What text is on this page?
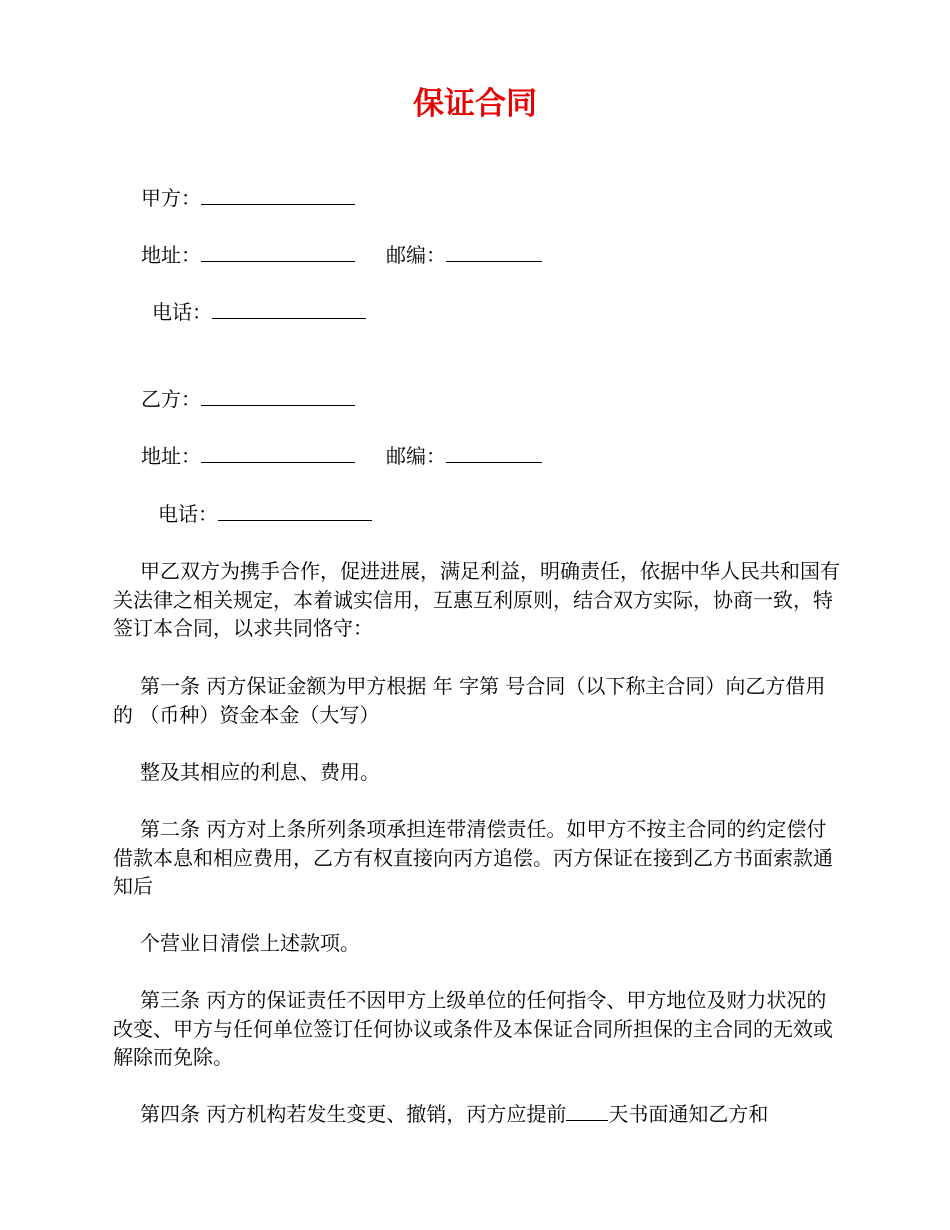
保证合同
甲方：
地址：	邮编：
电话：
乙方：
地址：	邮编：
电话：

甲乙双方为携手合作，促进进展，满足利益，明确责任，依据中华人民共和国有关法律之相关规定，本着诚实信用，互惠互利原则，结合双方实际，协商一致，特签订本合同，以求共同恪守：

第一条 丙方保证金额为甲方根据 年 字第 号合同（以下称主合同）向乙方借用的 （币种）资金本金（大写）

整及其相应的利息、费用。

第二条 丙方对上条所列条项承担连带清偿责任。如甲方不按主合同的约定偿付借款本息和相应费用，乙方有权直接向丙方追偿。丙方保证在接到乙方书面索款通知后

个营业日清偿上述款项。

第三条 丙方的保证责任不因甲方上级单位的任何指令、甲方地位及财力状况的改变、甲方与任何单位签订任何协议或条件及本保证合同所担保的主合同的无效或解除而免除。

第四条 丙方机构若发生变更、撤销，丙方应提前 天书面通知乙方和
